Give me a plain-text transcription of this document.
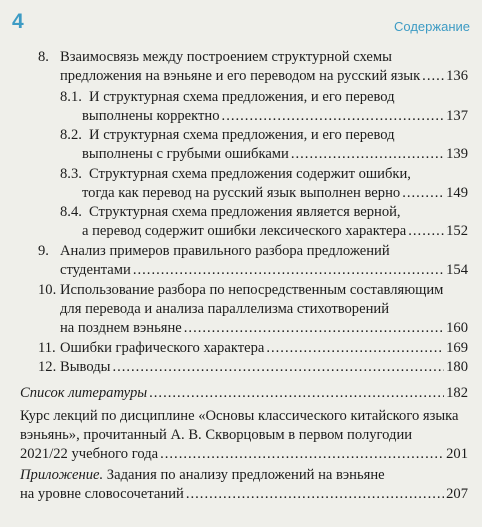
4	Содержание
8. Взаимосвязь между построением структурной схемы
предложения на вэньяне и его переводом на русский язык ..... 136
8.1. И структурная схема предложения, и его перевод
выполнены корректно .....	137
8.2. И структурная схема предложения, и его перевод
выполнены с грубыми ошибками .....	139
8.3. Структурная схема предложения содержит ошибки,
тогда как перевод на русский язык выполнен верно .....	149
8.4. Структурная схема предложения является верной,
а перевод содержит ошибки лексического характера .....	152
9. Анализ примеров правильного разбора предложений
студентами .....	154
10. Использование разбора по непосредственным составляющим
для перевода и анализа параллелизма стихотворений
на позднем вэньяне .....	160
11. Ошибки графического характера .....	169
12. Выводы .....	180
Список литературы .....	182
Курс лекций по дисциплине «Основы классического китайского языка
вэньянь», прочитанный А. В. Скворцовым в первом полугодии
2021/22 учебного года .....	201
Приложение. Задания по анализу предложений на вэньяне
на уровне словосочетаний .....	207
